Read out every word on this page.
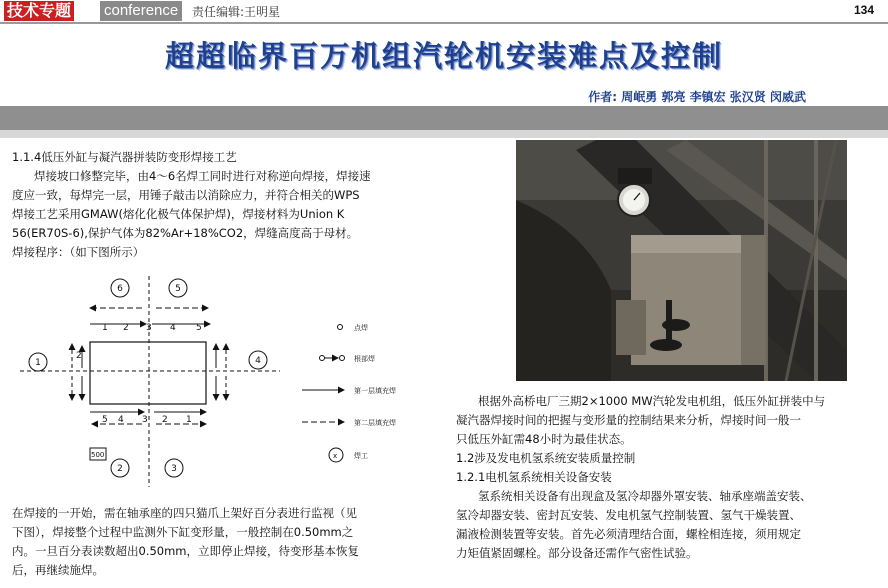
技术专题 conference	责任编辑:王明星	134
超超临界百万机组汽轮机安装难点及控制
作者: 周岷勇 郭亮 李镇宏 张汉贤 闵威武
1.1.4低压外缸与凝汽器拼装防变形焊接工艺
焊接坡口修整完毕，由4～6名焊工同时进行对称逆向焊接，焊接速
度应一致，每焊完一层，用锤子敲击以消除应力，并符合相关的WPS
焊接工艺采用GMAW(熔化化极气体保护焊)，焊接材料为Union K
56(ER70S-6),保护气体为82%Ar+18%CO2，焊缝高度高于母材。
焊接程序：（如下图所示）
6	5
1 2 3 4 5
1	4
2
5 4 3 2 1
500
2	3
点焊
根部焊
第一层填充焊
第二层填充焊
x 焊工
在焊接的一开始，需在轴承座的四只猫爪上架好百分表进行监视（见
下图），焊接整个过程中监测外下缸变形量，一般控制在0.50mm之
内。一旦百分表读数超出0.50mm，立即停止焊接，待变形基本恢复
后，再继续施焊。
根据外高桥电厂三期2×1000 MW汽轮发电机组，低压外缸拼装中与
凝汽器焊接时间的把握与变形量的控制结果来分析，焊接时间一般一
只低压外缸需48小时为最佳状态。
1.2涉及发电机氢系统安装质量控制
1.2.1电机氢系统相关设备安装
氢系统相关设备有出现盒及氢冷却器外罩安装、轴承座端盖安装、
氢冷却器安装、密封瓦安装、发电机氢气控制装置、氢气干燥装置、
漏液检测装置等安装。首先必须清理结合面，螺栓相连接，须用规定
力矩值紧固螺栓。部分设备还需作气密性试验。
